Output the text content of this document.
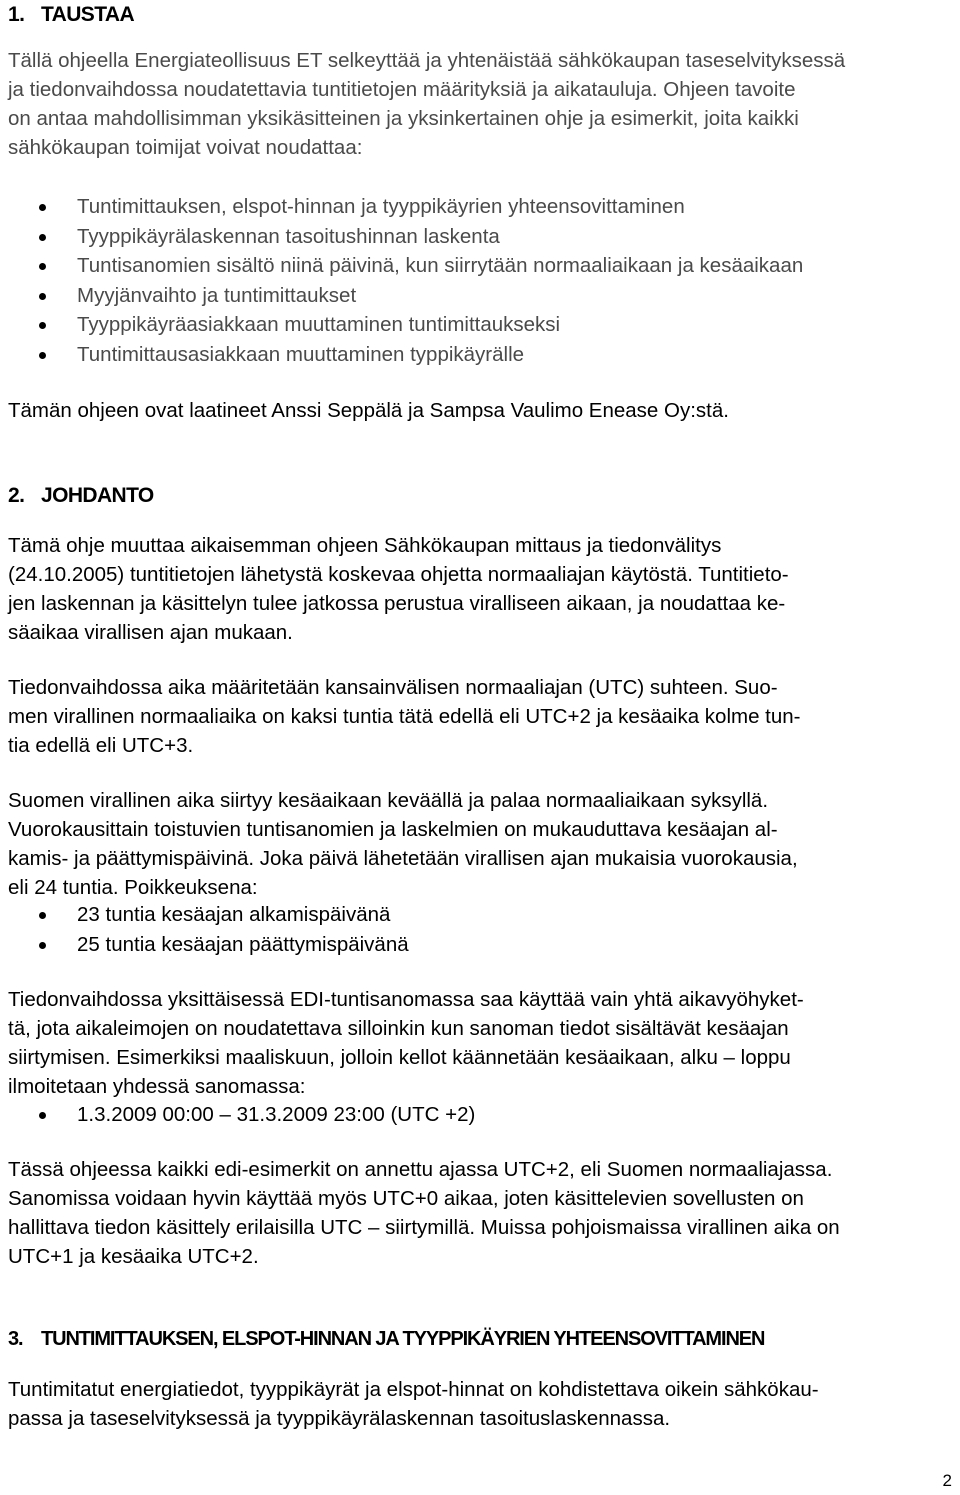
1. TAUSTAA

Tällä ohjeella Energiateollisuus ET selkeyttää ja yhtenäistää sähkökaupan taseselvityksessä
ja tiedonvaihdossa noudatettavia tuntitietojen määrityksiä ja aikatauluja. Ohjeen tavoite
on antaa mahdollisimman yksikäsitteinen ja yksinkertainen ohje ja esimerkit, joita kaikki
sähkökaupan toimijat voivat noudattaa:

Tuntimittauksen, elspot-hinnan ja tyyppikäyrien yhteensovittaminen
Tyyppikäyrälaskennan tasoitushinnan laskenta
Tuntisanomien sisältö niinä päivinä, kun siirrytään normaaliaikaan ja kesäaikaan
Myyjänvaihto ja tuntimittaukset
Tyyppikäyräasiakkaan muuttaminen tuntimittaukseksi
Tuntimittausasiakkaan muuttaminen typpikäyrälle

Tämän ohjeen ovat laatineet Anssi Seppälä ja Sampsa Vaulimo Enease Oy:stä.

2. JOHDANTO

Tämä ohje muuttaa aikaisemman ohjeen Sähkökaupan mittaus ja tiedonvälitys
(24.10.2005) tuntitietojen lähetystä koskevaa ohjetta normaaliajan käytöstä. Tuntitieto-
jen laskennan ja käsittelyn tulee jatkossa perustua viralliseen aikaan, ja noudattaa ke-
säaikaa virallisen ajan mukaan.

Tiedonvaihdossa aika määritetään kansainvälisen normaaliajan (UTC) suhteen. Suo-
men virallinen normaaliaika on kaksi tuntia tätä edellä eli UTC+2 ja kesäaika kolme tun-
tia edellä eli UTC+3.

Suomen virallinen aika siirtyy kesäaikaan keväällä ja palaa normaaliaikaan syksyllä.
Vuorokausittain toistuvien tuntisanomien ja laskelmien on mukauduttava kesäajan al-
kamis- ja päättymispäivinä. Joka päivä lähetetään virallisen ajan mukaisia vuorokausia,
eli 24 tuntia. Poikkeuksena:

23 tuntia kesäajan alkamispäivänä
25 tuntia kesäajan päättymispäivänä

Tiedonvaihdossa yksittäisessä EDI-tuntisanomassa saa käyttää vain yhtä aikavyöhyket-
tä, jota aikaleimojen on noudatettava silloinkin kun sanoman tiedot sisältävät kesäajan
siirtymisen. Esimerkiksi maaliskuun, jolloin kellot käännetään kesäaikaan, alku – loppu
ilmoitetaan yhdessä sanomassa:

1.3.2009 00:00 – 31.3.2009 23:00 (UTC +2)

Tässä ohjeessa kaikki edi-esimerkit on annettu ajassa UTC+2, eli Suomen normaaliajassa.
Sanomissa voidaan hyvin käyttää myös UTC+0 aikaa, joten käsittelevien sovellusten on
hallittava tiedon käsittely erilaisilla UTC – siirtymillä. Muissa pohjoismaissa virallinen aika on
UTC+1 ja kesäaika UTC+2.

3. TUNTIMITTAUKSEN, ELSPOT-HINNAN JA TYYPPIKÄYRIEN YHTEENSOVITTAMINEN

Tuntimitatut energiatiedot, tyyppikäyrät ja elspot-hinnat on kohdistettava oikein sähkökau-
passa ja taseselvityksessä ja tyyppikäyrälaskennan tasoituslaskennassa.

2
